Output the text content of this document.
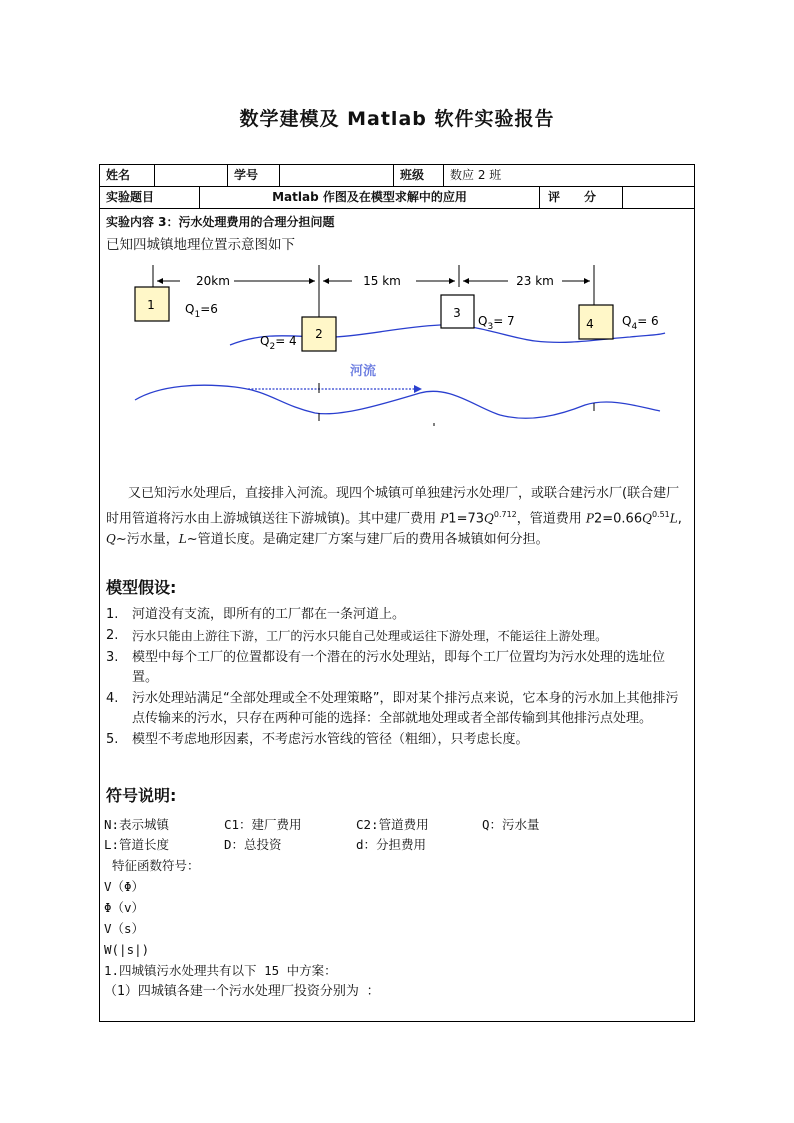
数学建模及 Matlab 软件实验报告
姓名	学号	班级	数应 2 班
实验题目	Matlab 作图及在模型求解中的应用	评　　分
实验内容 3：污水处理费用的合理分担问题
已知四城镇地理位置示意图如下
20km	15 km	23 km
河流
1	$Q_1=6$
2
$Q_2= 4$
3
$Q_3= 7$	4 $Q_4= 6$
又已知污水处理后，直接排入河流。现四个城镇可单独建污水处理厂，或联合建污水厂(联合建厂时用管道将污水由上游城镇送往下游城镇)。其中建厂费用 $P1=73Q^{0.712}$，管道费用 $P2=0.66Q^{0.51}L$, Q~污水量，L~管道长度。是确定建厂方案与建厂后的费用各城镇如何分担。
模型假设:
1. 河道没有支流，即所有的工厂都在一条河道上。
2. 污水只能由上游往下游，工厂的污水只能自己处理或运往下游处理，不能运往上游处理。
3. 模型中每个工厂的位置都设有一个潜在的污水处理站，即每个工厂位置均为污水处理的选址位置。
4. 污水处理站满足“全部处理或全不处理策略”，即对某个排污点来说，它本身的污水加上其他排污点传输来的污水，只存在两种可能的选择：全部就地处理或者全部传输到其他排污点处理。
5. 模型不考虑地形因素，不考虑污水管线的管径（粗细），只考虑长度。
符号说明:
N:表示城镇	C1：建厂费用	C2:管道费用	Q：污水量
L:管道长度	D：总投资	d：分担费用
特征函数符号：
V（Φ）
Φ（v）
V（s）
W(|s|)
1.四城镇污水处理共有以下 15 中方案：
（1）四城镇各建一个污水处理厂投资分别为 ：
